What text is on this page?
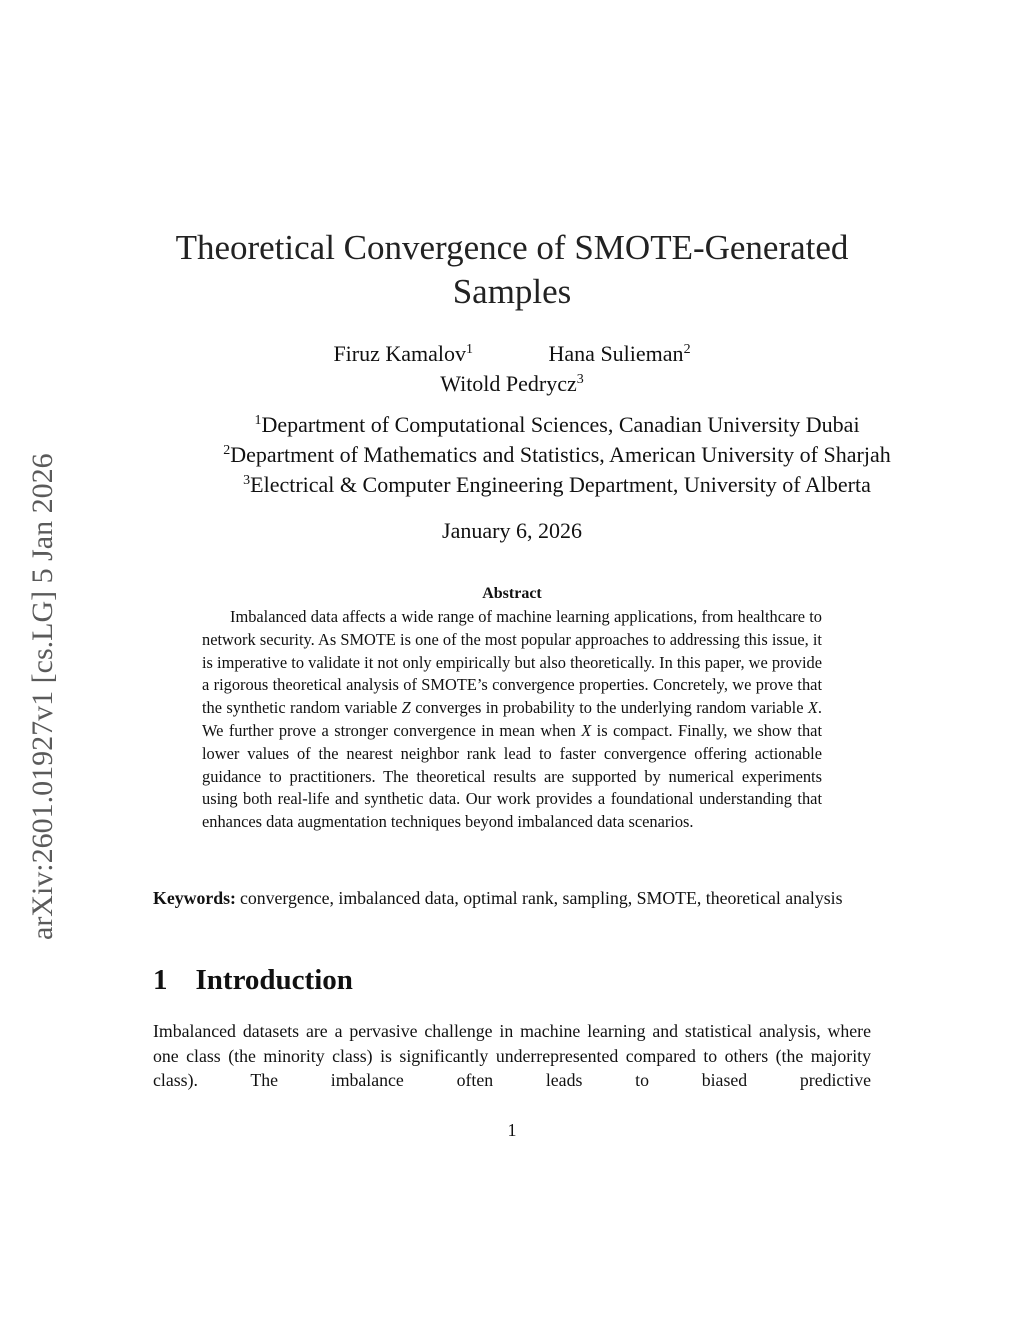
arXiv:2601.01927v1 [cs.LG] 5 Jan 2026
Theoretical Convergence of SMOTE-Generated Samples
Firuz Kamalov$^1$	Hana Sulieman$^2$
Witold Pedrycz$^3$
$^1$Department of Computational Sciences, Canadian University Dubai
$^2$Department of Mathematics and Statistics, American University of Sharjah
$^3$Electrical & Computer Engineering Department, University of Alberta
January 6, 2026
Abstract
Imbalanced data affects a wide range of machine learning applications, from healthcare to network security. As SMOTE is one of the most popular approaches to addressing this issue, it is imperative to validate it not only empirically but also theoretically. In this paper, we provide a rigorous theoretical analysis of SMOTE’s convergence properties. Concretely, we prove that the synthetic random variable Z converges in probability to the underlying random variable X. We further prove a stronger convergence in mean when X is compact. Finally, we show that lower values of the nearest neighbor rank lead to faster convergence offering actionable guidance to practitioners. The theoretical results are supported by numerical experiments using both real-life and synthetic data. Our work provides a foundational understanding that enhances data augmentation techniques beyond imbalanced data scenarios.
Keywords: convergence, imbalanced data, optimal rank, sampling, SMOTE, theoretical analysis
1 Introduction
Imbalanced datasets are a pervasive challenge in machine learning and statistical analysis, where one class (the minority class) is significantly underrepresented compared to others (the majority class). The imbalance often leads to biased predictive
1
